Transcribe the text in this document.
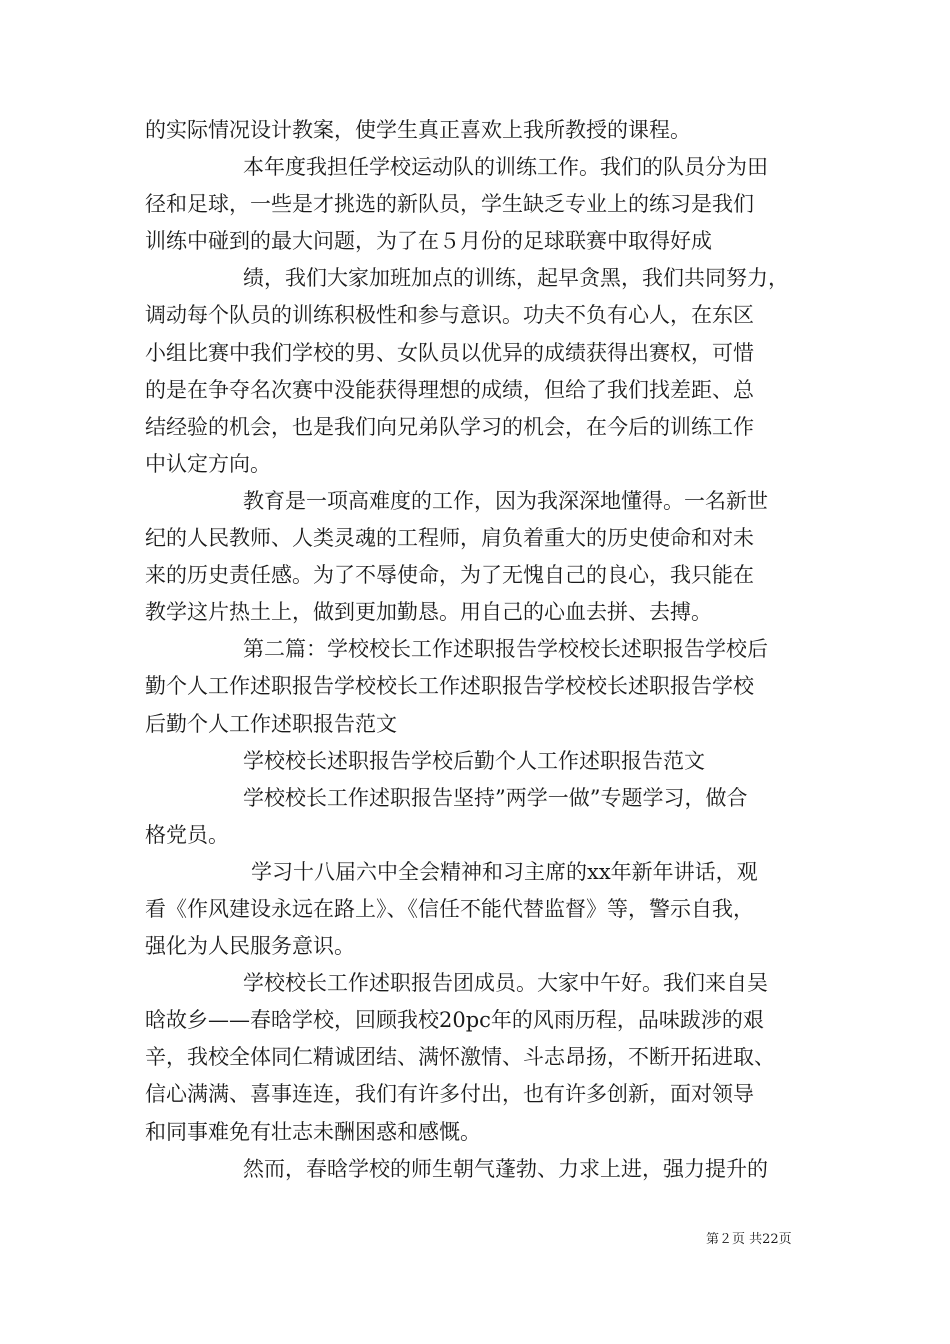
的实际情况设计教案，使学生真正喜欢上我所教授的课程。
本年度我担任学校运动队的训练工作。我们的队员分为田
径和足球，一些是才挑选的新队员，学生缺乏专业上的练习是我们
训练中碰到的最大问题，为了在５月份的足球联赛中取得好成
绩，我们大家加班加点的训练，起早贪黑，我们共同努力，
调动每个队员的训练积极性和参与意识。功夫不负有心人，在东区
小组比赛中我们学校的男、女队员以优异的成绩获得出赛权，可惜
的是在争夺名次赛中没能获得理想的成绩，但给了我们找差距、总
结经验的机会，也是我们向兄弟队学习的机会，在今后的训练工作
中认定方向。
教育是一项高难度的工作，因为我深深地懂得。一名新世
纪的人民教师、人类灵魂的工程师，肩负着重大的历史使命和对未
来的历史责任感。为了不辱使命，为了无愧自己的良心，我只能在
教学这片热土上，做到更加勤恳。用自己的心血去拼、去搏。
第二篇：学校校长工作述职报告学校校长述职报告学校后
勤个人工作述职报告学校校长工作述职报告学校校长述职报告学校
后勤个人工作述职报告范文
学校校长述职报告学校后勤个人工作述职报告范文
学校校长工作述职报告坚持”两学一做”专题学习，做合
格党员。
学习十八届六中全会精神和习主席的xx年新年讲话，观
看《作风建设永远在路上》、《信任不能代替监督》等，警示自我，
强化为人民服务意识。
学校校长工作述职报告团成员。大家中午好。我们来自吴
晗故乡——春晗学校，回顾我校20pc年的风雨历程，品味跋涉的艰
辛，我校全体同仁精诚团结、满怀激情、斗志昂扬，不断开拓进取、
信心满满、喜事连连，我们有许多付出，也有许多创新，面对领导
和同事难免有壮志未酬困惑和感慨。
然而，春晗学校的师生朝气蓬勃、力求上进，强力提升的
第２页 共22页
